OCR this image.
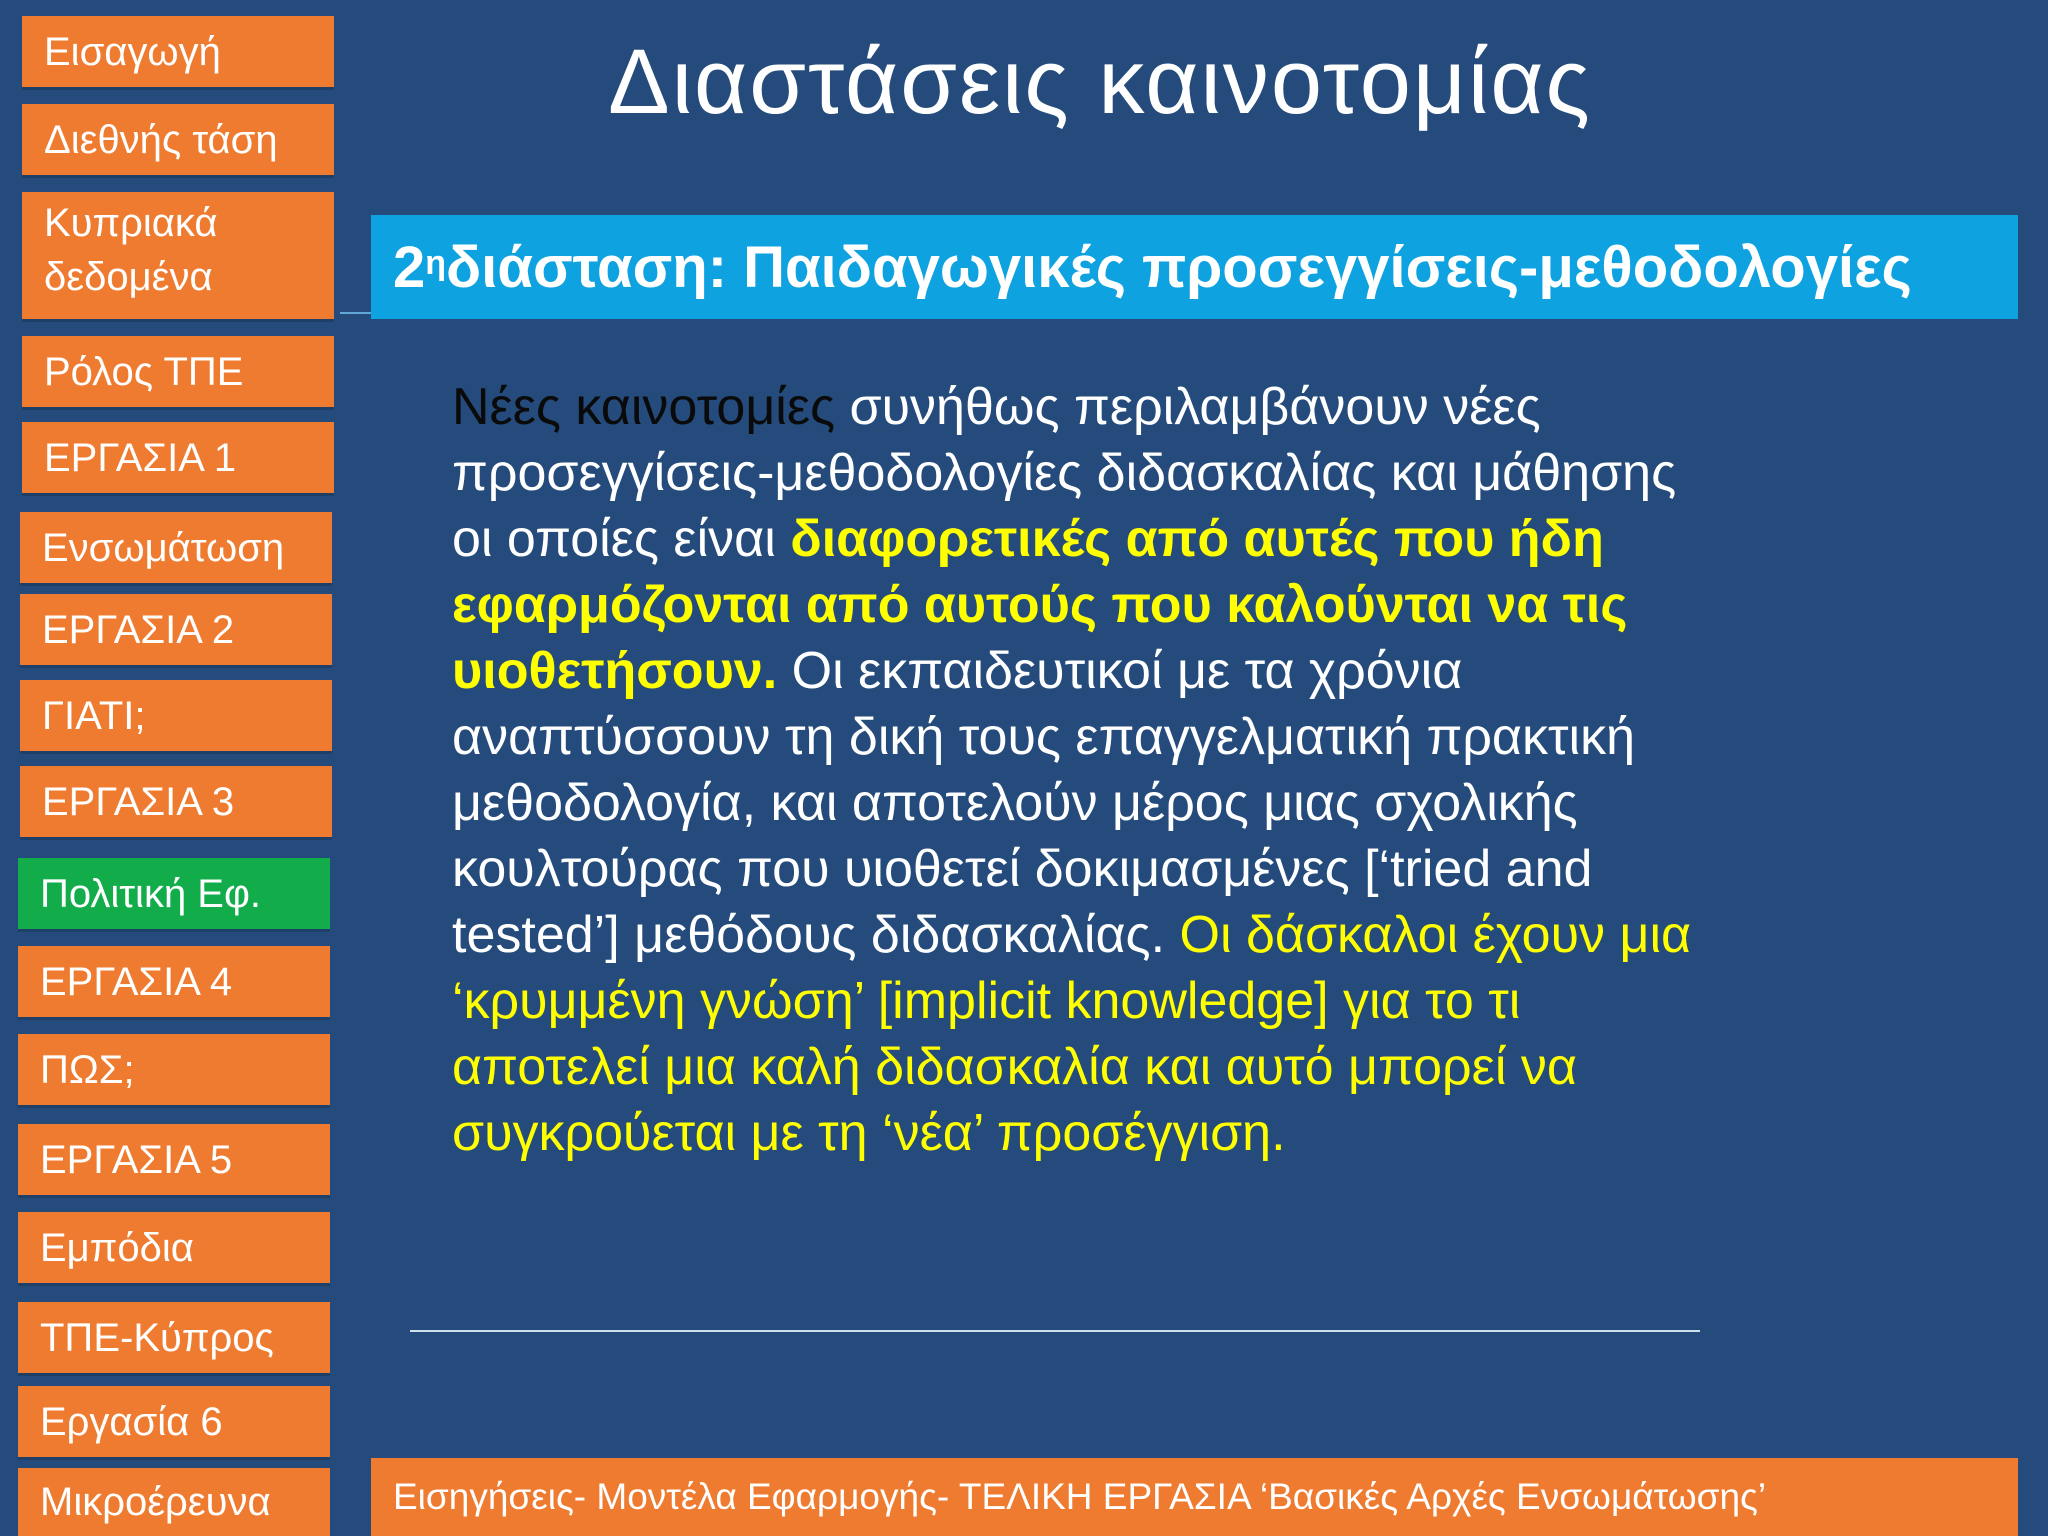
Εισαγωγή
Διεθνής τάση
Κυπριακά δεδομένα
Ρόλος ΤΠΕ
ΕΡΓΑΣΙΑ 1
Ενσωμάτωση
ΕΡΓΑΣΙΑ 2
ΓΙΑΤΙ;
ΕΡΓΑΣΙΑ 3
Πολιτική Εφ.
ΕΡΓΑΣΙΑ 4
ΠΩΣ;
ΕΡΓΑΣΙΑ 5
Εμπόδια
ΤΠΕ-Κύπρος
Εργασία 6
Μικροέρευνα
Διαστάσεις καινοτομίας
$2^\eta$ διάσταση: Παιδαγωγικές προσεγγίσεις-μεθοδολογίες
Νέες καινοτομίες συνήθως περιλαμβάνουν νέες προσεγγίσεις-μεθοδολογίες διδασκαλίας και μάθησης οι οποίες είναι διαφορετικές από αυτές που ήδη εφαρμόζονται από αυτούς που καλούνται να τις υιοθετήσουν. Οι εκπαιδευτικοί με τα χρόνια αναπτύσσουν τη δική τους επαγγελματική πρακτική μεθοδολογία, και αποτελούν μέρος μιας σχολικής κουλτούρας που υιοθετεί δοκιμασμένες [‘tried and tested’] μεθόδους διδασκαλίας. Οι δάσκαλοι έχουν μια ‘κρυμμένη γνώση’ [implicit knowledge] για το τι αποτελεί μια καλή διδασκαλία και αυτό μπορεί να συγκρούεται με τη ‘νέα’ προσέγγιση.
Εισηγήσεις- Μοντέλα Εφαρμογής- ΤΕΛΙΚΗ ΕΡΓΑΣΙΑ ‘Βασικές Αρχές Ενσωμάτωσης’
